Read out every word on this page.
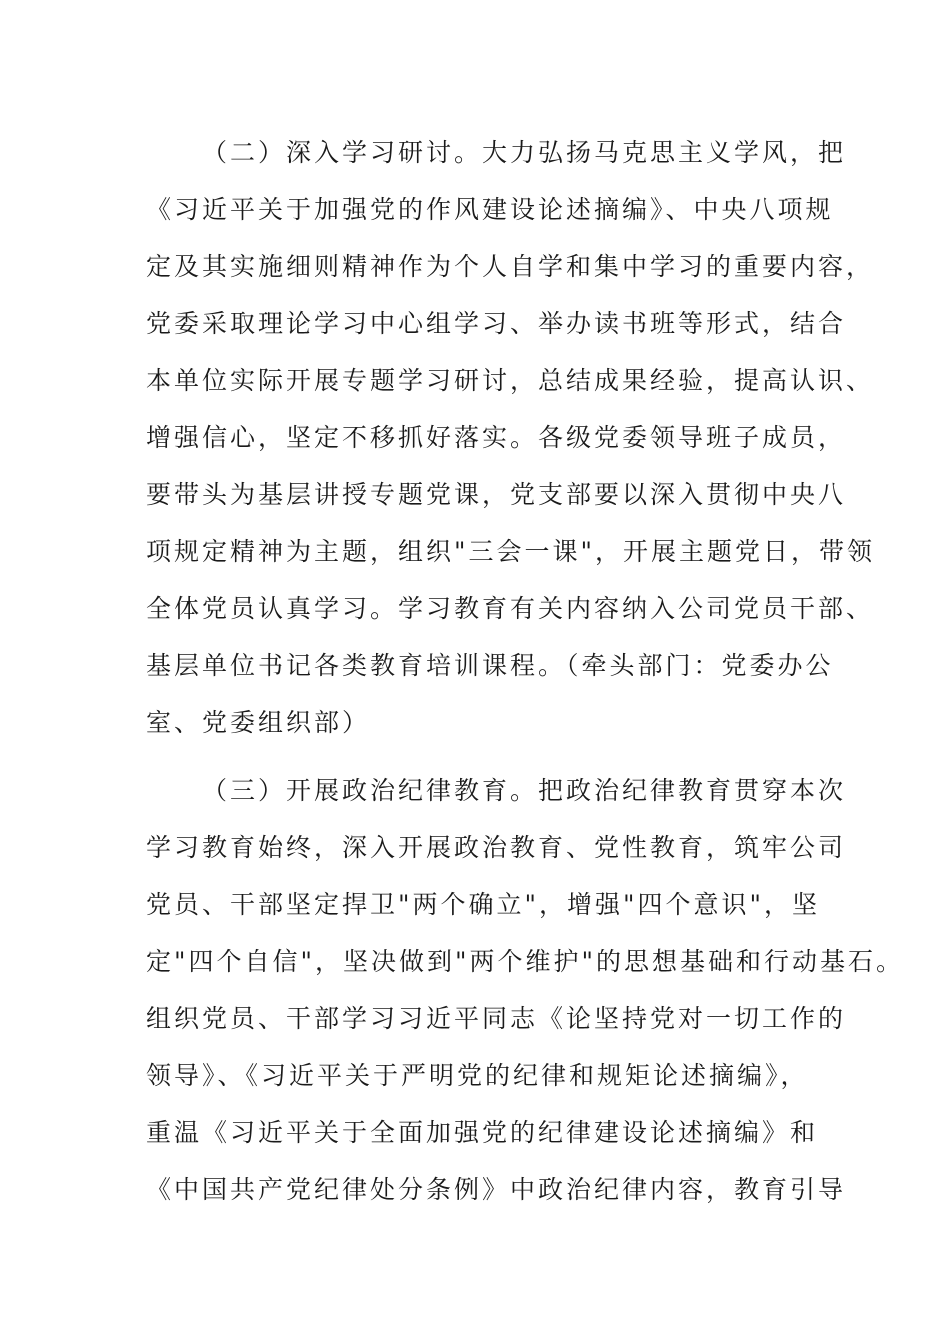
（二）深入学习研讨。大力弘扬马克思主义学风，把
《习近平关于加强党的作风建设论述摘编》、中央八项规
定及其实施细则精神作为个人自学和集中学习的重要内容，
党委采取理论学习中心组学习、举办读书班等形式，结合
本单位实际开展专题学习研讨，总结成果经验，提高认识、
增强信心，坚定不移抓好落实。各级党委领导班子成员，
要带头为基层讲授专题党课，党支部要以深入贯彻中央八
项规定精神为主题，组织"三会一课"，开展主题党日，带领
全体党员认真学习。学习教育有关内容纳入公司党员干部、
基层单位书记各类教育培训课程。（牵头部门：党委办公
室、党委组织部）
（三）开展政治纪律教育。把政治纪律教育贯穿本次
学习教育始终，深入开展政治教育、党性教育，筑牢公司
党员、干部坚定捍卫"两个确立"，增强"四个意识"，坚
定"四个自信"，坚决做到"两个维护"的思想基础和行动基石。
组织党员、干部学习习近平同志《论坚持党对一切工作的
领导》、《习近平关于严明党的纪律和规矩论述摘编》，
重温《习近平关于全面加强党的纪律建设论述摘编》和
《中国共产党纪律处分条例》中政治纪律内容，教育引导
